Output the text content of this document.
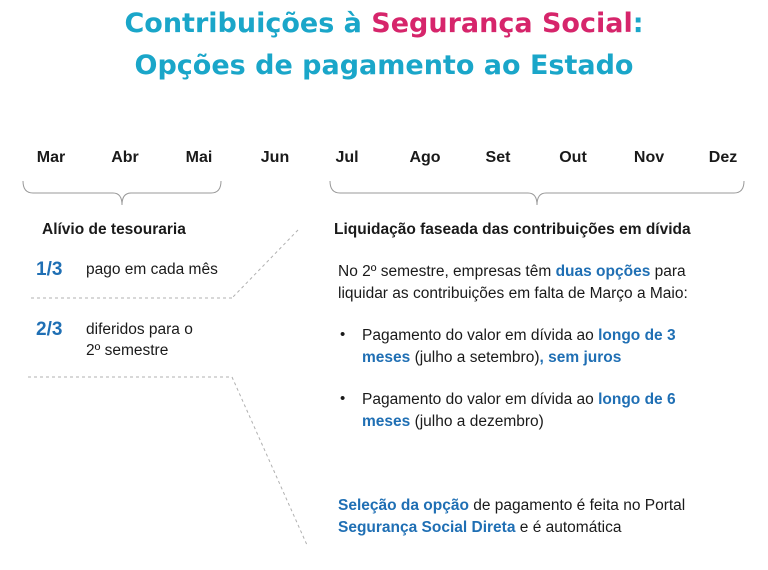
Contribuições à Segurança Social:
Opções de pagamento ao Estado
Mar	Abr	Mai	Jun	Jul	Ago	Set	Out	Nov	Dez
Alívio de tesouraria
1/3 pago em cada mês
2/3 diferidos para o
2º semestre
Liquidação faseada das contribuições em dívida
No 2º semestre, empresas têm duas opções para
liquidar as contribuições em falta de Março a Maio:
• Pagamento do valor em dívida ao longo de 3
meses (julho a setembro), sem juros
• Pagamento do valor em dívida ao longo de 6
meses (julho a dezembro)
Seleção da opção de pagamento é feita no Portal
Segurança Social Direta e é automática
